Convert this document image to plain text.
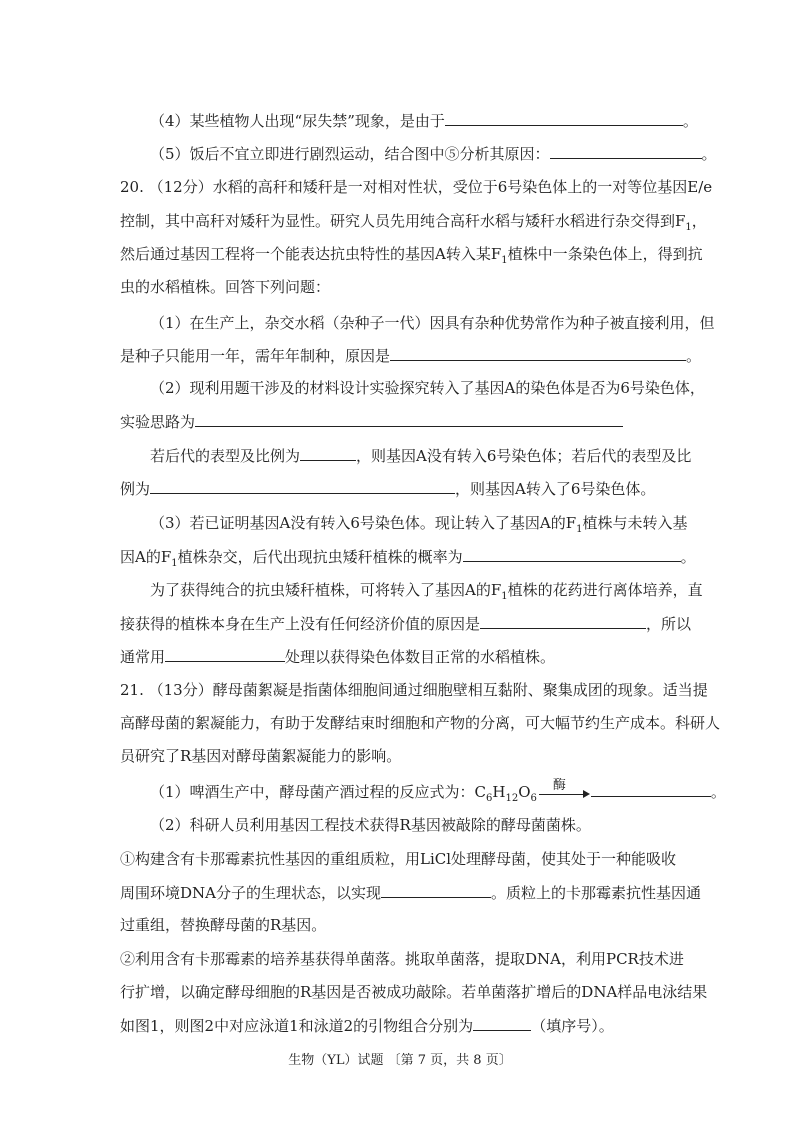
（4）某些植物人出现“尿失禁”现象，是由于	。
（5）饭后不宜立即进行剧烈运动，结合图中⑤分析其原因：	。
20. （12分）水稻的高秆和矮秆是一对相对性状，受位于6号染色体上的一对等位基因E/e
控制，其中高秆对矮秆为显性。研究人员先用纯合高秆水稻与矮秆水稻进行杂交得到$F_1$，
然后通过基因工程将一个能表达抗虫特性的基因A转入某$F_1$植株中一条染色体上，得到抗
虫的水稻植株。回答下列问题：
（1）在生产上，杂交水稻（杂种子一代）因具有杂种优势常作为种子被直接利用，但
是种子只能用一年，需年年制种，原因是	。
（2）现利用题干涉及的材料设计实验探究转入了基因A的染色体是否为6号染色体，
实验思路为
若后代的表型及比例为	，则基因A没有转入6号染色体；若后代的表型及比
例为	，则基因A转入了6号染色体。
（3）若已证明基因A没有转入6号染色体。现让转入了基因A的$F_1$植株与未转入基
因A的$F_1$植株杂交，后代出现抗虫矮秆植株的概率为	。
为了获得纯合的抗虫矮秆植株，可将转入了基因A的$F_1$植株的花药进行离体培养，直
接获得的植株本身在生产上没有任何经济价值的原因是	，所以
通常用	处理以获得染色体数目正常的水稻植株。
21. （13分）酵母菌絮凝是指菌体细胞间通过细胞壁相互黏附、聚集成团的现象。适当提
高酵母菌的絮凝能力，有助于发酵结束时细胞和产物的分离，可大幅节约生产成本。科研人
员研究了R基因对酵母菌絮凝能力的影响。
（1）啤酒生产中，酵母菌产酒过程的反应式为：$C_6H_{12}O_6$
酶	。
（2）科研人员利用基因工程技术获得R基因被敲除的酵母菌菌株。
①构建含有卡那霉素抗性基因的重组质粒，用LiCl处理酵母菌，使其处于一种能吸收
周围环境DNA分子的生理状态，以实现	。质粒上的卡那霉素抗性基因通
过重组，替换酵母菌的R基因。
②利用含有卡那霉素的培养基获得单菌落。挑取单菌落，提取DNA，利用PCR技术进
行扩增，以确定酵母细胞的R基因是否被成功敲除。若单菌落扩增后的DNA样品电泳结果
如图1，则图2中对应泳道1和泳道2的引物组合分别为	（填序号）。
生物（YL）试题 〔第 7 页，共 8 页〕
